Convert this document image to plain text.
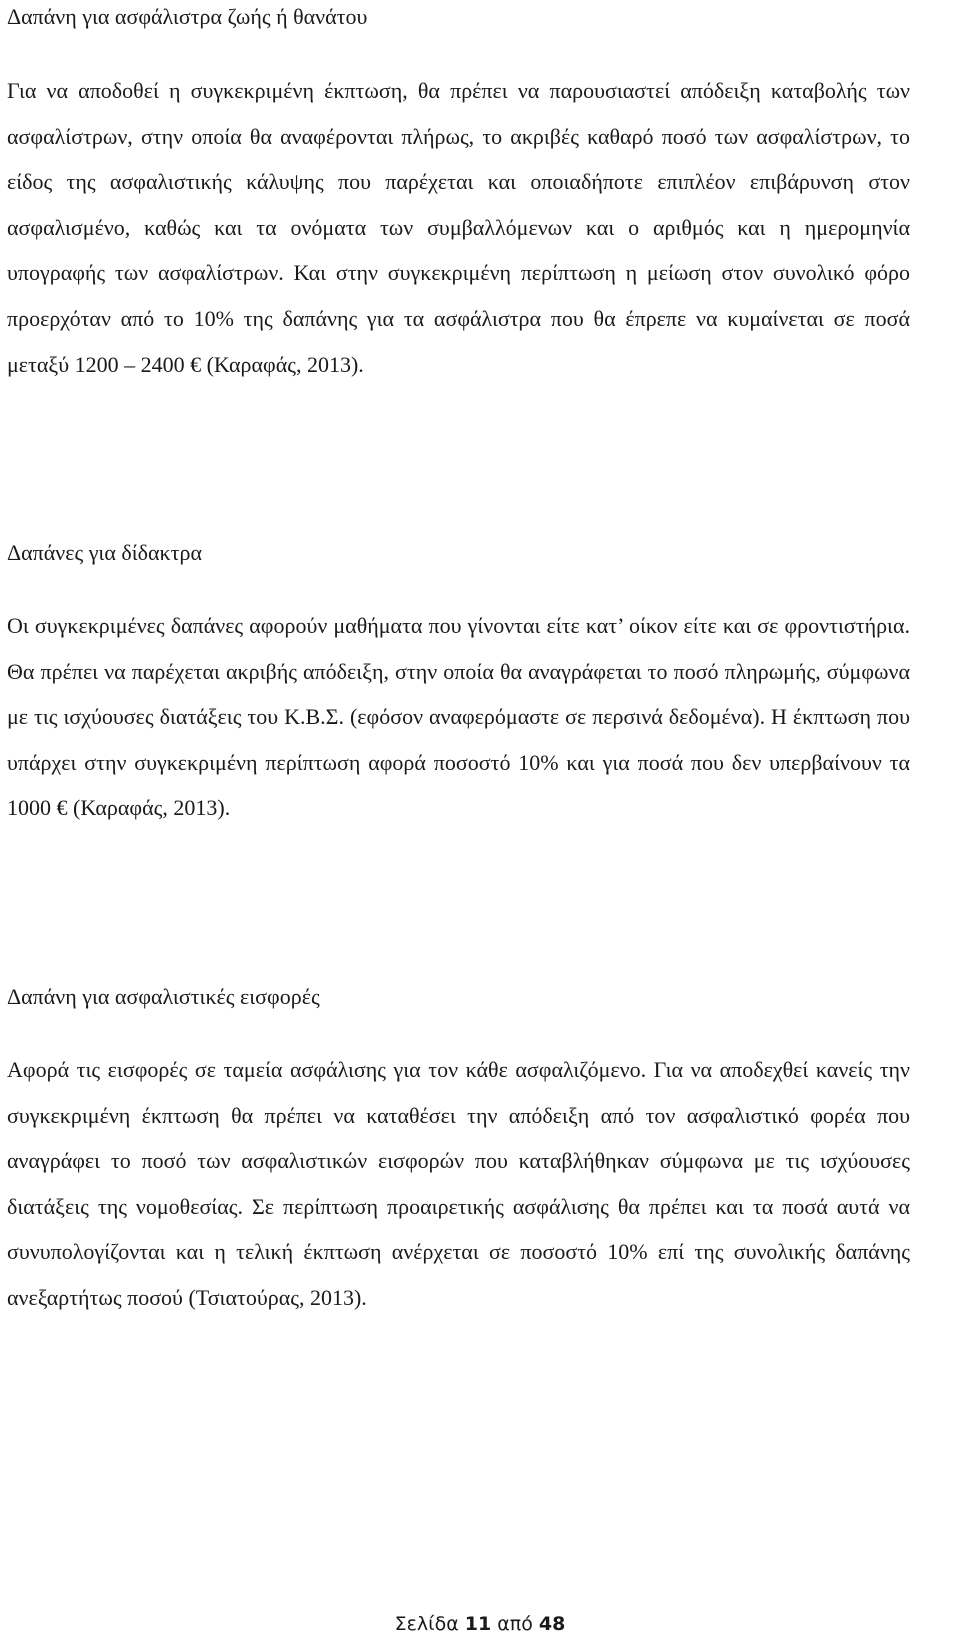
Δαπάνη για ασφάλιστρα ζωής ή θανάτου

Για να αποδοθεί η συγκεκριμένη έκπτωση, θα πρέπει να παρουσιαστεί απόδειξη καταβολής των ασφαλίστρων, στην οποία θα αναφέρονται πλήρως, το ακριβές καθαρό ποσό των ασφαλίστρων, το είδος της ασφαλιστικής κάλυψης που παρέχεται και οποιαδήποτε επιπλέον επιβάρυνση στον ασφαλισμένο, καθώς και τα ονόματα των συμβαλλόμενων και ο αριθμός και η ημερομηνία υπογραφής των ασφαλίστρων. Και στην συγκεκριμένη περίπτωση η μείωση στον συνολικό φόρο προερχόταν από το 10% της δαπάνης για τα ασφάλιστρα που θα έπρεπε να κυμαίνεται σε ποσά μεταξύ 1200 – 2400 € (Καραφάς, 2013).

Δαπάνες για δίδακτρα

Οι συγκεκριμένες δαπάνες αφορούν μαθήματα που γίνονται είτε κατ’ οίκον είτε και σε φροντιστήρια. Θα πρέπει να παρέχεται ακριβής απόδειξη, στην οποία θα αναγράφεται το ποσό πληρωμής, σύμφωνα με τις ισχύουσες διατάξεις του Κ.Β.Σ. (εφόσον αναφερόμαστε σε περσινά δεδομένα). Η έκπτωση που υπάρχει στην συγκεκριμένη περίπτωση αφορά ποσοστό 10% και για ποσά που δεν υπερβαίνουν τα 1000 € (Καραφάς, 2013).

Δαπάνη για ασφαλιστικές εισφορές

Αφορά τις εισφορές σε ταμεία ασφάλισης για τον κάθε ασφαλιζόμενο. Για να αποδεχθεί κανείς την συγκεκριμένη έκπτωση θα πρέπει να καταθέσει την απόδειξη από τον ασφαλιστικό φορέα που αναγράφει το ποσό των ασφαλιστικών εισφορών που καταβλήθηκαν σύμφωνα με τις ισχύουσες διατάξεις της νομοθεσίας. Σε περίπτωση προαιρετικής ασφάλισης θα πρέπει και τα ποσά αυτά να συνυπολογίζονται και η τελική έκπτωση ανέρχεται σε ποσοστό 10% επί της συνολικής δαπάνης ανεξαρτήτως ποσού (Τσιατούρας, 2013).

Σελίδα 11 από 48
